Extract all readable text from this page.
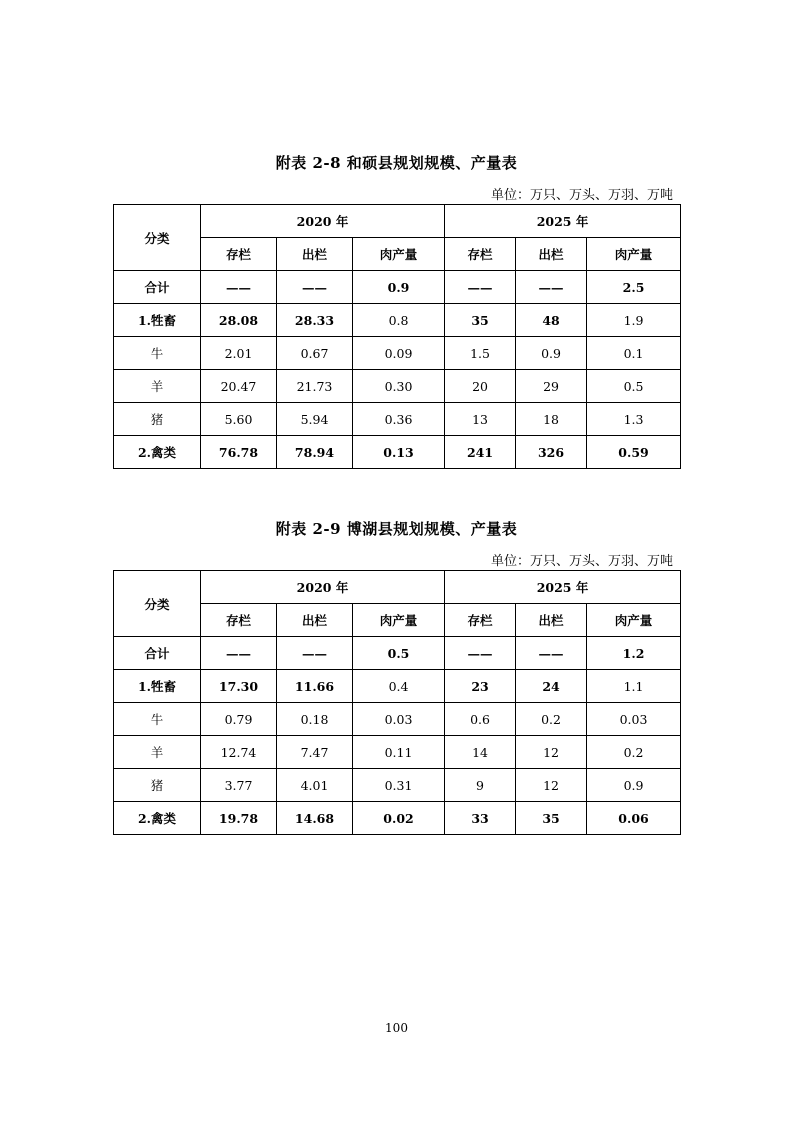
附表 2-8 和硕县规划规模、产量表
单位：万只、万头、万羽、万吨
分类	2020 年			2025 年		
	存栏	出栏	肉产量	存栏	出栏	肉产量
合计	——	——	0.9	——	——	2.5
1.牲畜	28.08	28.33	0.8	35	48	1.9
牛	2.01	0.67	0.09	1.5	0.9	0.1
羊	20.47	21.73	0.30	20	29	0.5
猪	5.60	5.94	0.36	13	18	1.3
2.禽类	76.78	78.94	0.13	241	326	0.59
附表 2-9 博湖县规划规模、产量表
单位：万只、万头、万羽、万吨
分类	2020 年			2025 年		
	存栏	出栏	肉产量	存栏	出栏	肉产量
合计	——	——	0.5	——	——	1.2
1.牲畜	17.30	11.66	0.4	23	24	1.1
牛	0.79	0.18	0.03	0.6	0.2	0.03
羊	12.74	7.47	0.11	14	12	0.2
猪	3.77	4.01	0.31	9	12	0.9
2.禽类	19.78	14.68	0.02	33	35	0.06
100
